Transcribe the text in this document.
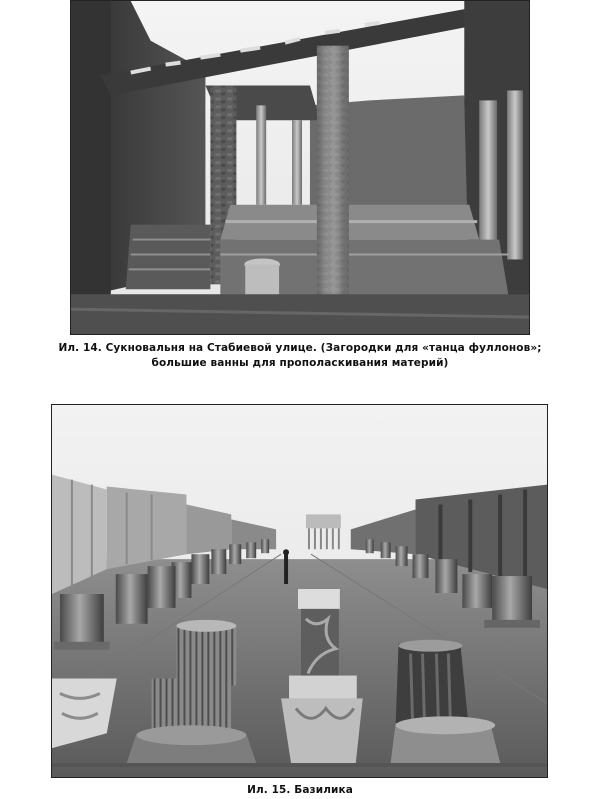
Ил. 14. Сукновальня на Стабиевой улице. (Загородки для «танца фуллонов»;
большие ванны для прополаскивания материй)
Ил. 15. Базилика
